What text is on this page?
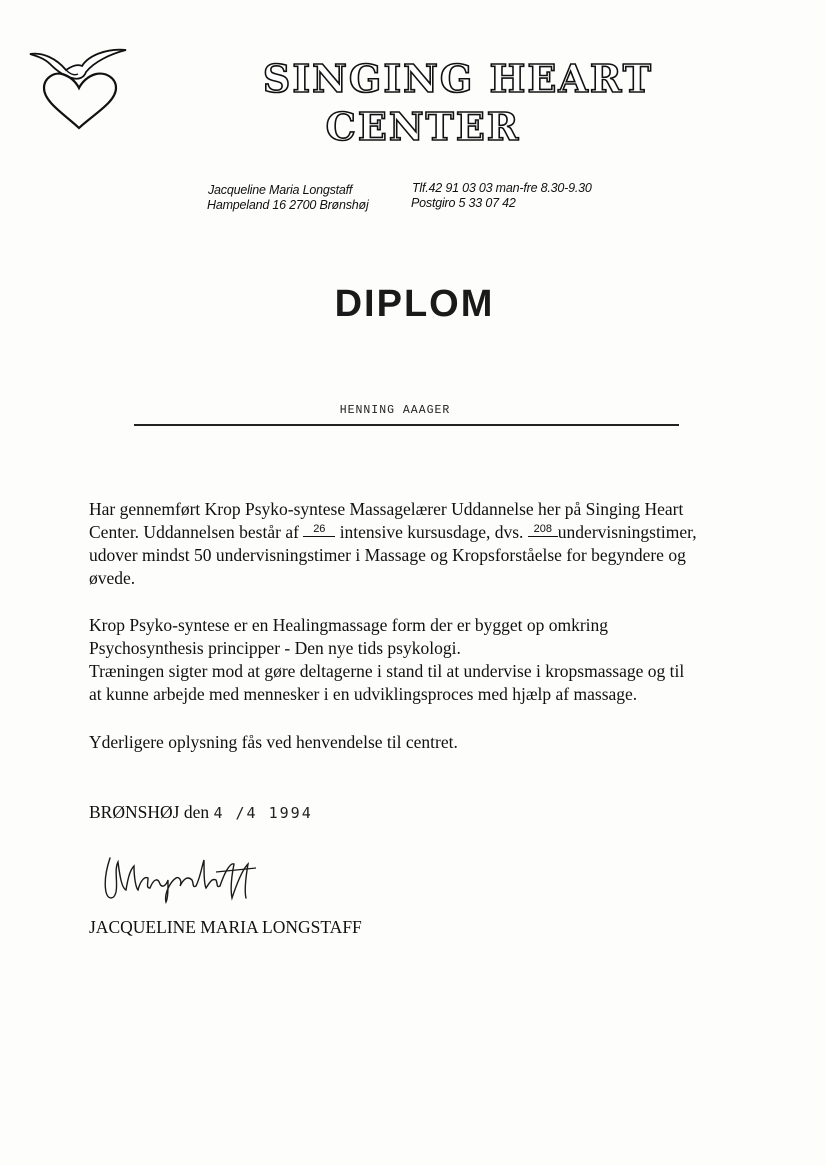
SINGING HEART
CENTER
Jacqueline Maria Longstaff	Tlf.42 91 03 03 man-fre 8.30-9.30
Hampeland 16 2700 Brønshøj	Postgiro 5 33 07 42
DIPLOM
HENNING AAAGER
Har gennemført Krop Psyko-syntese Massagelærer Uddannelse her på Singing Heart
Center. Uddannelsen består af 26 intensive kursusdage, dvs. 208 undervisningstimer,
udover mindst 50 undervisningstimer i Massage og Kropsforståelse for begyndere og
øvede.
Krop Psyko-syntese er en Healingmassage form der er bygget op omkring
Psychosynthesis principper - Den nye tids psykologi.
Træningen sigter mod at gøre deltagerne i stand til at undervise i kropsmassage og til
at kunne arbejde med mennesker i en udviklingsproces med hjælp af massage.
Yderligere oplysning fås ved henvendelse til centret.
BRØNSHØJ den 4 /4 1994
JACQUELINE MARIA LONGSTAFF
